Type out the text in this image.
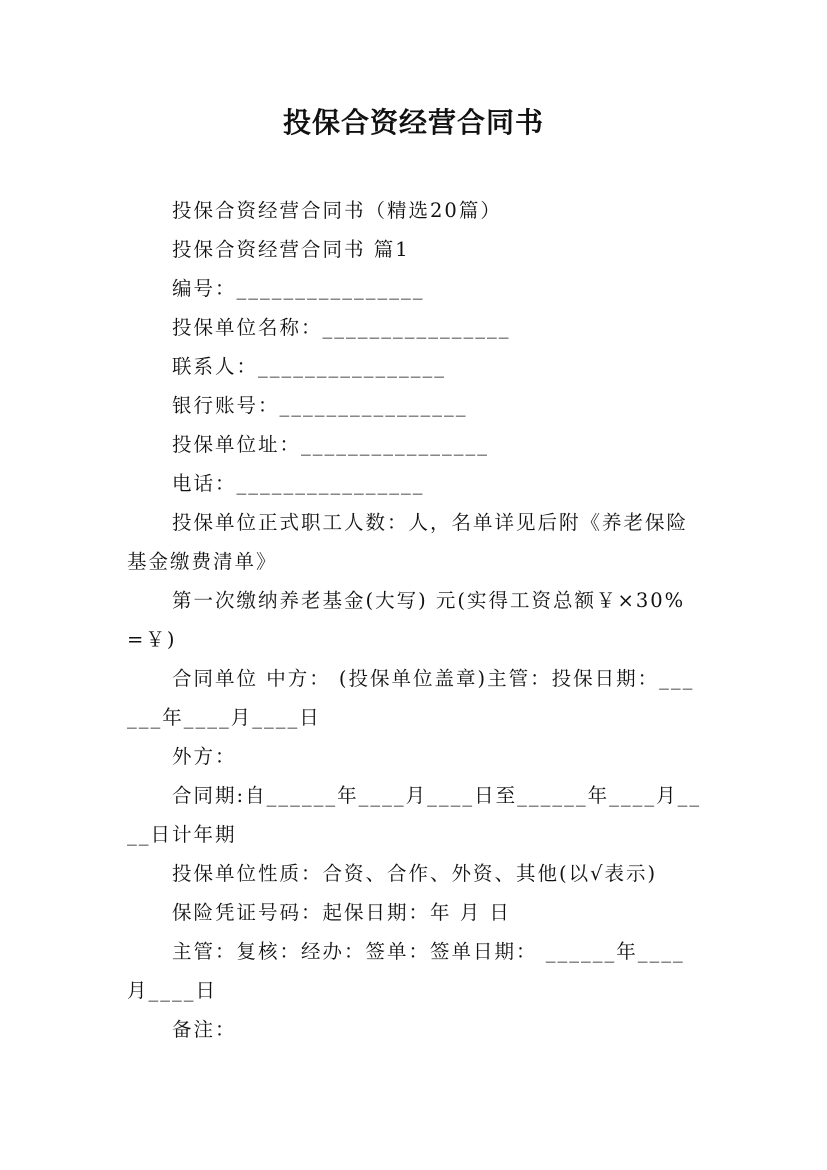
投保合资经营合同书

投保合资经营合同书（精选20篇）

投保合资经营合同书 篇1

编号：________________

投保单位名称：________________

联系人：________________

银行账号：________________

投保单位址：________________

电话：________________

投保单位正式职工人数：人，名单详见后附《养老保险基金缴费清单》

第一次缴纳养老基金(大写) 元(实得工资总额￥×30%=￥)

合同单位 中方： (投保单位盖章)主管：投保日期：______年____月____日

外方：

合同期:自______年____月____日至______年____月____日计年期

投保单位性质：合资、合作、外资、其他(以√表示)

保险凭证号码：起保日期：年 月 日

主管：复核：经办：签单：签单日期： ______年____月____日

备注：
